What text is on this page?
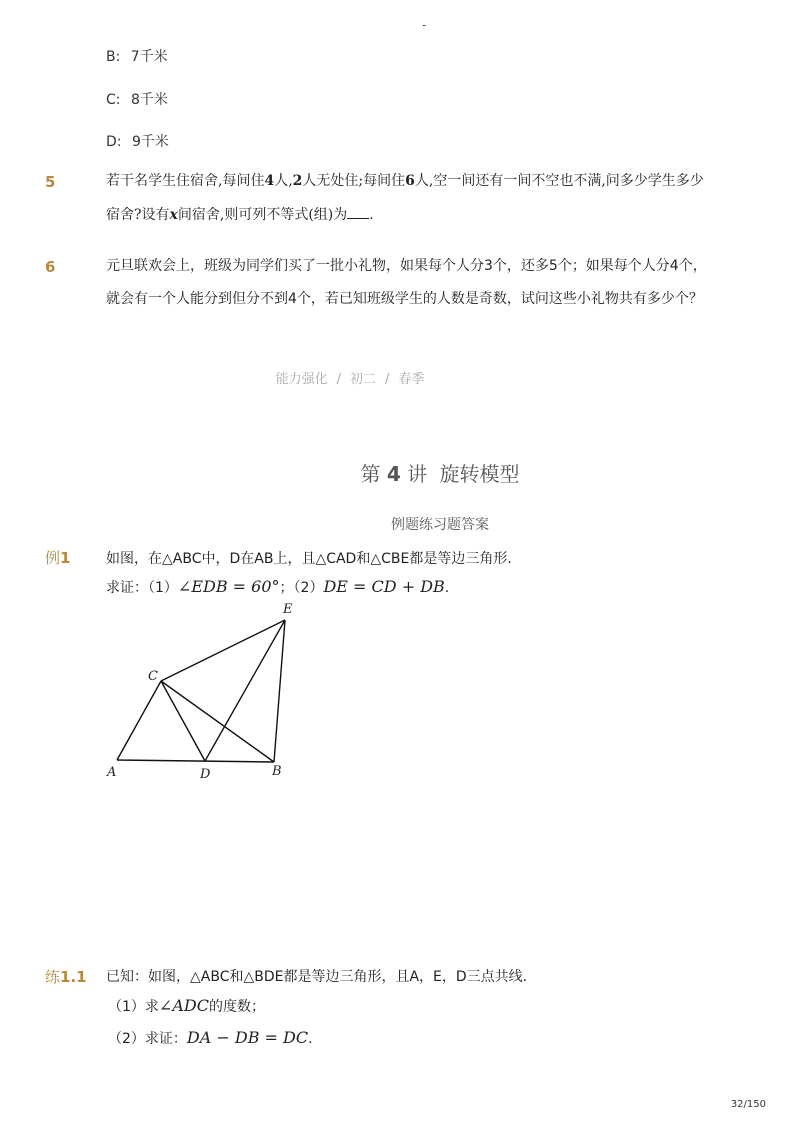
-
B: 7千米
C: 8千米
D: 9千米
5	若干名学生住宿舍,每间住4人,2人无处住;每间住6人,空一间还有一间不空也不满,问多少学生多少
宿舍?设有x间宿舍,则可列不等式(组)为 .
6	元旦联欢会上，班级为同学们买了一批小礼物，如果每个人分3个，还多5个；如果每个人分4个，
就会有一个人能分到但分不到4个，若已知班级学生的人数是奇数，试问这些小礼物共有多少个？
能力强化 / 初二 / 春季
第 4 讲 旋转模型
例题练习题答案
例1	如图，在△ABC中，D在AB上，且△CAD和△CBE都是等边三角形．
求证：（1）∠EDB = 60°；（2）DE = CD + DB.
E
C
A	D	B
练1.1 已知：如图，△ABC和△BDE都是等边三角形，且A，E，D三点共线．
（1）求∠ADC的度数；
（2）求证：DA − DB = DC.
32/150
